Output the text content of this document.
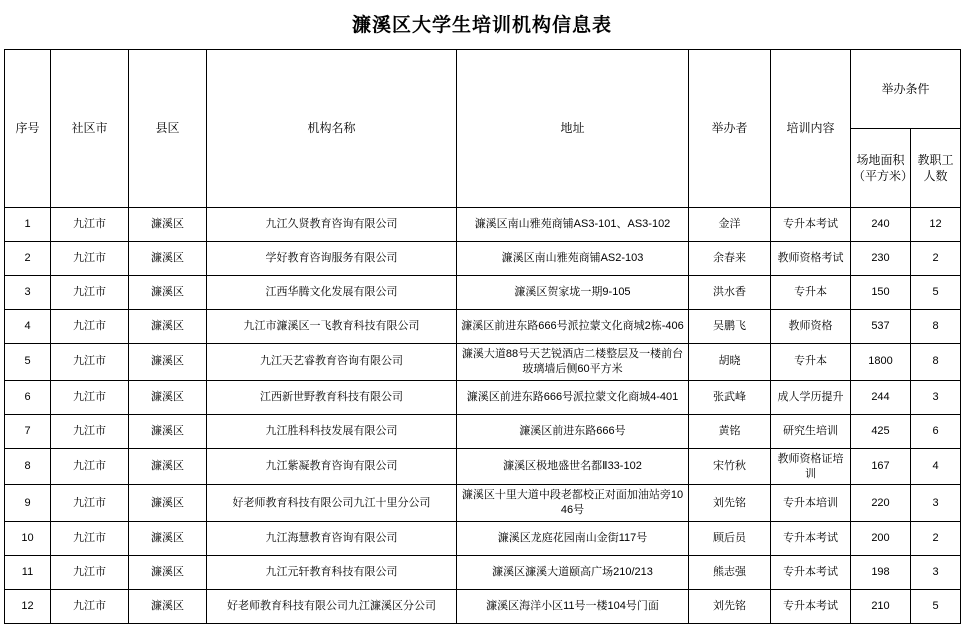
濂溪区大学生培训机构信息表
序号	社区市	县区	机构名称	地址	举办者	培训内容	举办条件	
							场地面积（平方米）	教职工人数
1	九江市	濂溪区	九江久贤教育咨询有限公司	濂溪区南山雅苑商铺AS3-101、AS3-102	金洋	专升本考试	240	12
2	九江市	濂溪区	学好教育咨询服务有限公司	濂溪区南山雅苑商铺AS2-103	余春来	教师资格考试	230	2
3	九江市	濂溪区	江西华腾文化发展有限公司	濂溪区贺家垅一期9-105	洪水香	专升本	150	5
4	九江市	濂溪区	九江市濂溪区一飞教育科技有限公司	濂溪区前进东路666号派拉蒙文化商城2栋-406	吴鹏飞	教师资格	537	8
5	九江市	濂溪区	九江天艺睿教育咨询有限公司	濂溪大道88号天艺锐酒店二楼整层及一楼前台玻璃墙后侧60平方米	胡晓	专升本	1800	8
6	九江市	濂溪区	江西新世野教育科技有限公司	濂溪区前进东路666号派拉蒙文化商城4-401	张武峰	成人学历提升	244	3
7	九江市	濂溪区	九江胜科科技发展有限公司	濂溪区前进东路666号	黄铭	研究生培训	425	6
8	九江市	濂溪区	九江紫凝教育咨询有限公司	濂溪区极地盛世名都Ⅱ33-102	宋竹秋	教师资格证培训	167	4
9	九江市	濂溪区	好老师教育科技有限公司九江十里分公司	濂溪区十里大道中段老都校正对面加油站旁1046号	刘先铭	专升本培训	220	3
10	九江市	濂溪区	九江海慧教育咨询有限公司	濂溪区龙庭花园南山金街117号	顾后员	专升本考试	200	2
11	九江市	濂溪区	九江元轩教育科技有限公司	濂溪区濂溪大道颐高广场210/213	熊志强	专升本考试	198	3
12	九江市	濂溪区	好老师教育科技有限公司九江濂溪区分公司	濂溪区海洋小区11号一楼104号门面	刘先铭	专升本考试	210	5
